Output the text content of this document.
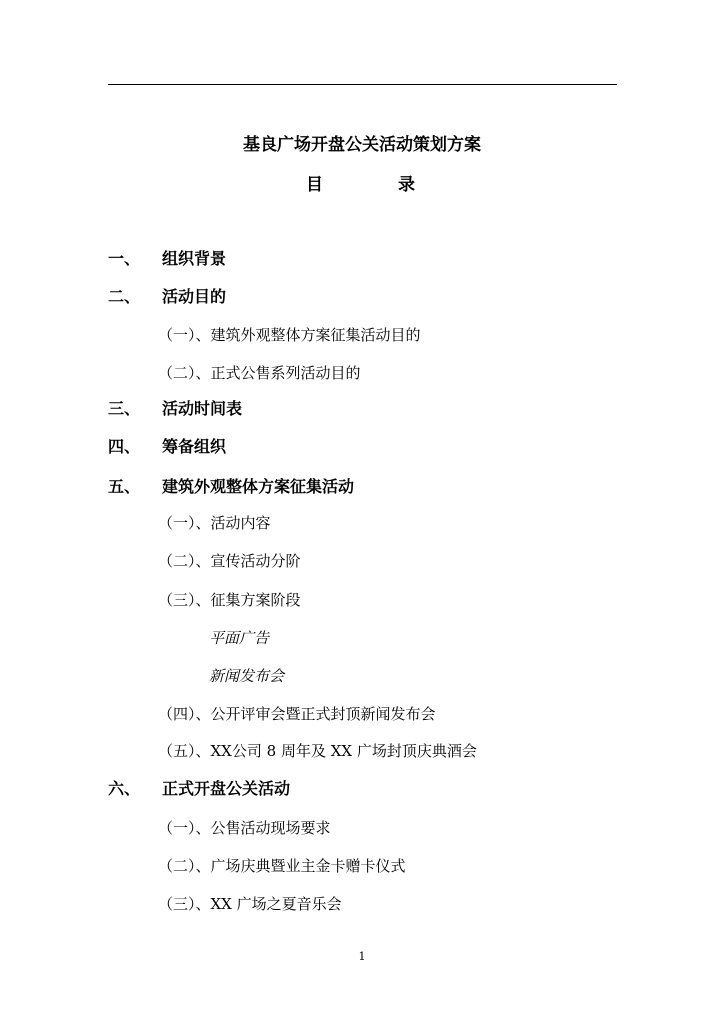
基良广场开盘公关活动策划方案
目	录
一、 组织背景
二、 活动目的
（一）、建筑外观整体方案征集活动目的
（二）、正式公售系列活动目的
三、 活动时间表
四、 筹备组织
五、 建筑外观整体方案征集活动
（一）、活动内容
（二）、宣传活动分阶
（三）、征集方案阶段
平面广告
新闻发布会
（四）、公开评审会暨正式封顶新闻发布会
（五）、XX公司 8 周年及 XX 广场封顶庆典酒会
六、 正式开盘公关活动
（一）、公售活动现场要求
（二）、广场庆典暨业主金卡赠卡仪式
（三）、XX 广场之夏音乐会
1
